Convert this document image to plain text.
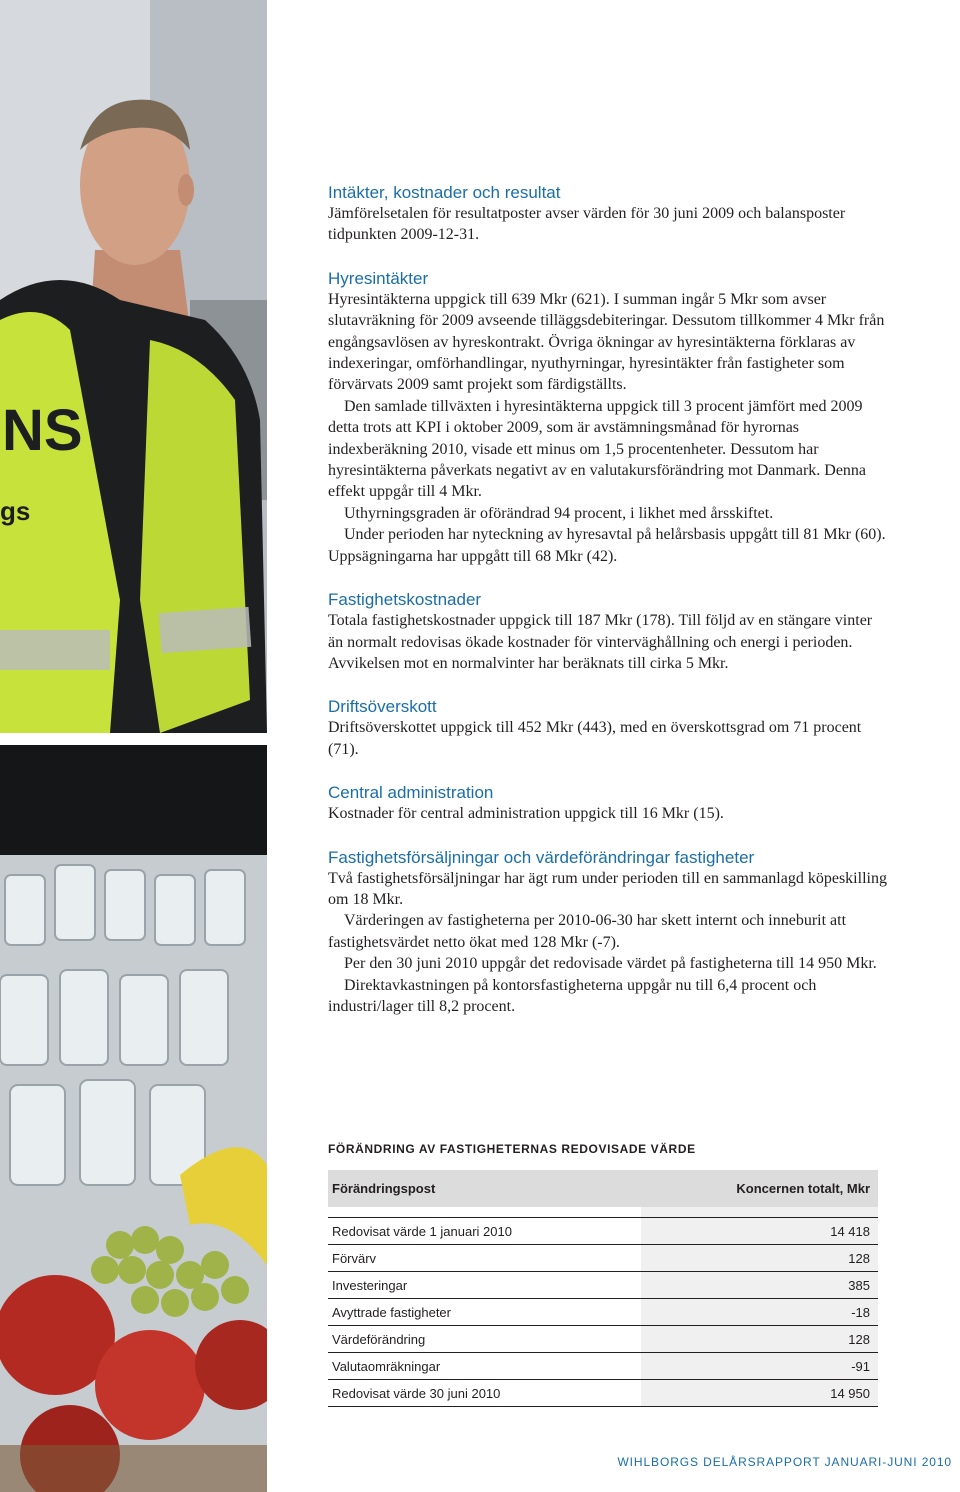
NS
gs
Intäkter, kostnader och resultat

Jämförelsetalen för resultatposter avser värden för 30 juni 2009 och balansposter tidpunkten 2009-12-31.

Hyresintäkter

Hyresintäkterna uppgick till 639 Mkr (621). I summan ingår 5 Mkr som avser slutavräkning för 2009 avseende tilläggsdebiteringar. Dessutom tillkommer 4 Mkr från engångsavlösen av hyreskontrakt. Övriga ökningar av hyresintäkterna förklaras av indexeringar, omförhandlingar, nyuthyrningar, hyresintäkter från fastigheter som förvärvats 2009 samt projekt som färdigställts.

Den samlade tillväxten i hyresintäkterna uppgick till 3 procent jämfört med 2009 detta trots att KPI i oktober 2009, som är avstämningsmånad för hyrornas indexberäkning 2010, visade ett minus om 1,5 procentenheter. Dessutom har hyresintäkterna påverkats negativt av en valutakursförändring mot Danmark. Denna effekt uppgår till 4 Mkr.

Uthyrningsgraden är oförändrad 94 procent, i likhet med årsskiftet.

Under perioden har nyteckning av hyresavtal på helårsbasis uppgått till 81 Mkr (60). Uppsägningarna har uppgått till 68 Mkr (42).

Fastighetskostnader

Totala fastighetskostnader uppgick till 187 Mkr (178). Till följd av en stängare vinter än normalt redovisas ökade kostnader för vinterväghållning och energi i perioden. Avvikelsen mot en normalvinter har beräknats till cirka 5 Mkr.

Driftsöverskott

Driftsöverskottet uppgick till 452 Mkr (443), med en överskottsgrad om 71 procent (71).

Central administration

Kostnader för central administration uppgick till 16 Mkr (15).

Fastighetsförsäljningar och värdeförändringar fastigheter

Två fastighetsförsäljningar har ägt rum under perioden till en sammanlagd köpeskilling om 18 Mkr.

Värderingen av fastigheterna per 2010-06-30 har skett internt och inneburit att fastighetsvärdet netto ökat med 128 Mkr (-7).

Per den 30 juni 2010 uppgår det redovisade värdet på fastigheterna till 14 950 Mkr.

Direktavkastningen på kontorsfastigheterna uppgår nu till 6,4 procent och industri/lager till 8,2 procent.

FÖRÄNDRING AV FASTIGHETERNAS REDOVISADE VÄRDE
Förändringspost	Koncernen totalt, Mkr

Redovisat värde 1 januari 2010	14 418
Förvärv	128
Investeringar	385
Avyttrade fastigheter	-18
Värdeförändring	128
Valutaomräkningar	-91
Redovisat värde 30 juni 2010	14 950
WIHLBORGS DELÅRSRAPPORT JANUARI-JUNI 2010
